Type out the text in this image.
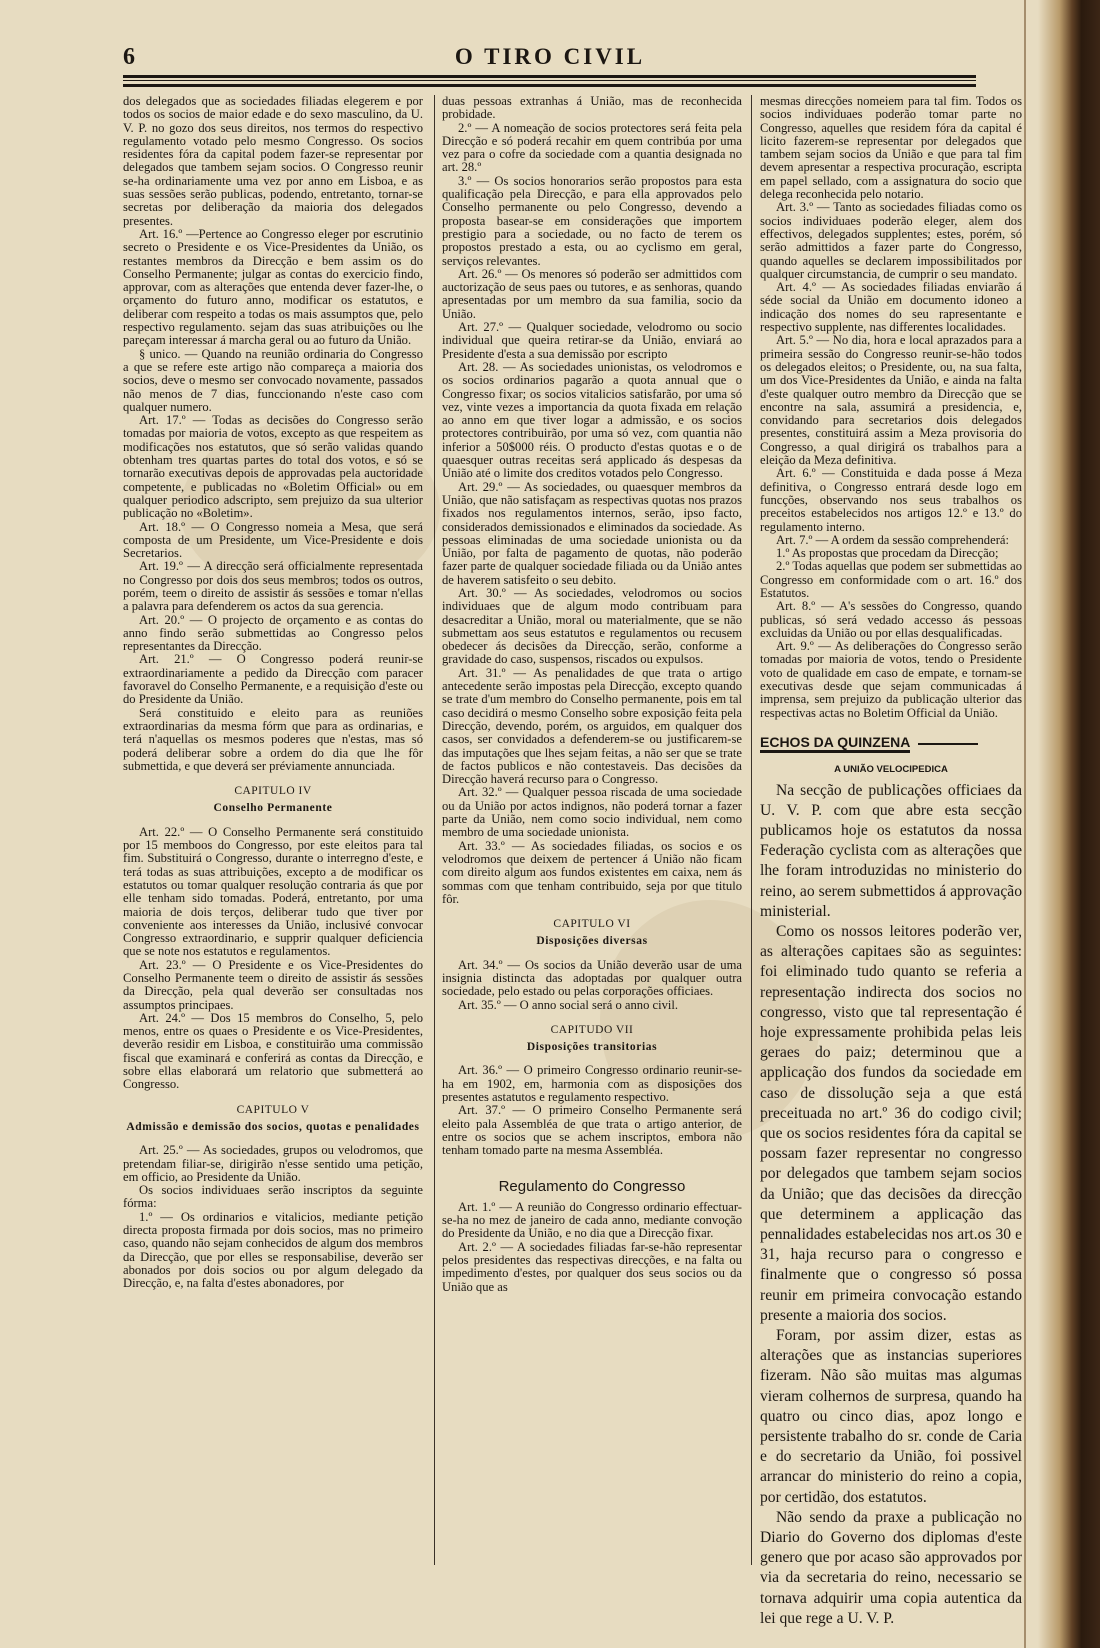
6	O TIRO CIVIL

dos delegados que as sociedades filiadas elegerem e por todos os socios de maior edade e do sexo masculino, da U. V. P. no gozo dos seus direitos, nos termos do respectivo regulamento votado pelo mesmo Congresso. Os socios residentes fóra da capital podem fazer-se representar por delegados que tambem sejam socios. O Congresso reunir se-ha ordinariamente uma vez por anno em Lisboa, e as suas sessões serão publicas, podendo, entretanto, tornar-se secretas por deliberação da maioria dos delegados presentes.

Art. 16.º —Pertence ao Congresso eleger por escrutinio secreto o Presidente e os Vice-Presidentes da União, os restantes membros da Direcção e bem assim os do Conselho Permanente; julgar as contas do exercicio findo, approvar, com as alterações que entenda dever fazer-lhe, o orçamento do futuro anno, modificar os estatutos, e deliberar com respeito a todas os mais assumptos que, pelo respectivo regulamento. sejam das suas atribuições ou lhe pareçam interessar á marcha geral ou ao futuro da União.

§ unico. — Quando na reunião ordinaria do Congresso a que se refere este artigo não compareça a maioria dos socios, deve o mesmo ser convocado novamente, passados não menos de 7 dias, funccionando n'este caso com qualquer numero.

Art. 17.º — Todas as decisões do Congresso serão tomadas por maioria de votos, excepto as que respeitem as modificações nos estatutos, que só serão validas quando obtenham tres quartas partes do total dos votos, e só se tornarão executivas depois de approvadas pela auctoridade competente, e publicadas no «Boletim Official» ou em qualquer periodico adscripto, sem prejuizo da sua ulterior publicação no «Boletim».

Art. 18.º — O Congresso nomeia a Mesa, que será composta de um Presidente, um Vice-Presidente e dois Secretarios.

Art. 19.º — A direcção será officialmente representada no Congresso por dois dos seus membros; todos os outros, porém, teem o direito de assistir ás sessões e tomar n'ellas a palavra para defenderem os actos da sua gerencia.

Art. 20.º — O projecto de orçamento e as contas do anno findo serão submettidas ao Congresso pelos representantes da Direcção.

Art. 21.º — O Congresso poderá reunir-se extraordinariamente a pedido da Direcção com paracer favoravel do Conselho Permanente, e a requisição d'este ou do Presidente da União.

Será constituido e eleito para as reuniões extraordinarias da mesma fórm que para as ordinarias, e terá n'aquellas os mesmos poderes que n'estas, mas só poderá deliberar sobre a ordem do dia que lhe fôr submettida, e que deverá ser préviamente annunciada.

CAPITULO IV
Conselho Permanente

Art. 22.º — O Conselho Permanente será constituido por 15 memboos do Congresso, por este eleitos para tal fim. Substituirá o Congresso, durante o interregno d'este, e terá todas as suas attribuições, excepto a de modificar os estatutos ou tomar qualquer resolução contraria ás que por elle tenham sido tomadas. Poderá, entretanto, por uma maioria de dois terços, deliberar tudo que tiver por conveniente aos interesses da União, inclusivé convocar Congresso extraordinario, e supprir qualquer deficiencia que se note nos estatutos e regulamentos.

Art. 23.º — O Presidente e os Vice-Presidentes do Conselho Permanente teem o direito de assistir ás sessões da Direcção, pela qual deverão ser consultadas nos assumptos principaes.

Art. 24.º — Dos 15 membros do Conselho, 5, pelo menos, entre os quaes o Presidente e os Vice-Presidentes, deverão residir em Lisboa, e constituirão uma commissão fiscal que examinará e conferirá as contas da Direcção, e sobre ellas elaborará um relatorio que submetterá ao Congresso.

CAPITULO V
Admissão e demissão dos socios, quotas e penalidades

Art. 25.º — As sociedades, grupos ou velodromos, que pretendam filiar-se, dirigirão n'esse sentido uma petição, em officio, ao Presidente da União.

Os socios individuaes serão inscriptos da seguinte fórma:

1.º — Os ordinarios e vitalicios, mediante petição directa proposta firmada por dois socios, mas no primeiro caso, quando não sejam conhecidos de algum dos membros da Direcção, que por elles se responsabilise, deverão ser abonados por dois socios ou por algum delegado da Direcção, e, na falta d'estes abonadores, por

duas pessoas extranhas á União, mas de reconhecida probidade.

2.º — A nomeação de socios protectores será feita pela Direcção e só poderá recahir em quem contribúa por uma vez para o cofre da sociedade com a quantia designada no art. 28.º

3.º — Os socios honorarios serão propostos para esta qualificação pela Direcção, e para ella approvados pelo Conselho permanente ou pelo Congresso, devendo a proposta basear-se em considerações que importem prestigio para a sociedade, ou no facto de terem os propostos prestado a esta, ou ao cyclismo em geral, serviços relevantes.

Art. 26.º — Os menores só poderão ser admittidos com auctorização de seus paes ou tutores, e as senhoras, quando apresentadas por um membro da sua familia, socio da União.

Art. 27.º — Qualquer sociedade, velodromo ou socio individual que queira retirar-se da União, enviará ao Presidente d'esta a sua demissão por escripto

Art. 28. — As sociedades unionistas, os velodromos e os socios ordinarios pagarão a quota annual que o Congresso fixar; os socios vitalicios satisfarão, por uma só vez, vinte vezes a importancia da quota fixada em relação ao anno em que tiver logar a admissão, e os socios protectores contribuirão, por uma só vez, com quantia não inferior a 50$000 réis. O producto d'estas quotas e o de quaesquer outras receitas será applicado ás despesas da União até o limite dos creditos votados pelo Congresso.

Art. 29.º — As sociedades, ou quaesquer membros da União, que não satisfaçam as respectivas quotas nos prazos fixados nos regulamentos internos, serão, ipso facto, considerados demissionados e eliminados da sociedade. As pessoas eliminadas de uma sociedade unionista ou da União, por falta de pagamento de quotas, não poderão fazer parte de qualquer sociedade filiada ou da União antes de haverem satisfeito o seu debito.

Art. 30.º — As sociedades, velodromos ou socios individuaes que de algum modo contribuam para desacreditar a União, moral ou materialmente, que se não submettam aos seus estatutos e regulamentos ou recusem obedecer ás decisões da Direcção, serão, conforme a gravidade do caso, suspensos, riscados ou expulsos.

Art. 31.º — As penalidades de que trata o artigo antecedente serão impostas pela Direcção, excepto quando se trate d'um membro do Conselho permanente, pois em tal caso decidirá o mesmo Conselho sobre exposição feita pela Direcção, devendo, porém, os arguidos, em qualquer dos casos, ser convidados a defenderem-se ou justificarem-se das imputações que lhes sejam feitas, a não ser que se trate de factos publicos e não contestaveis. Das decisões da Direcção haverá recurso para o Congresso.

Art. 32.º — Qualquer pessoa riscada de uma sociedade ou da União por actos indignos, não poderá tornar a fazer parte da União, nem como socio individual, nem como membro de uma sociedade unionista.

Art. 33.º — As sociedades filiadas, os socios e os velodromos que deixem de pertencer á União não ficam com direito algum aos fundos existentes em caixa, nem ás sommas com que tenham contribuido, seja por que titulo fôr.

CAPITULO VI
Disposições diversas

Art. 34.º — Os socios da União deverão usar de uma insignia distincta das adoptadas por qualquer outra sociedade, pelo estado ou pelas corporações officiaes.

Art. 35.º — O anno social será o anno civil.

CAPITUDO VII
Disposições transitorias

Art. 36.º — O primeiro Congresso ordinario reunir-se-ha em 1902, em, harmonia com as disposições dos presentes astatutos e regulamento respectivo.

Art. 37.º — O primeiro Conselho Permanente será eleito pala Assembléa de que trata o artigo anterior, de entre os socios que se achem inscriptos, embora não tenham tomado parte na mesma Assembléa.

Regulamento do Congresso

Art. 1.º — A reunião do Congresso ordinario effectuar-se-ha no mez de janeiro de cada anno, mediante convoção do Presidente da União, e no dia que a Direcção fixar.

Art. 2.º — A sociedades filiadas far-se-hão representar pelos presidentes das respectivas direcções, e na falta ou impedimento d'estes, por qualquer dos seus socios ou da União que as

mesmas direcções nomeiem para tal fim. Todos os socios individuaes poderão tomar parte no Congresso, aquelles que residem fóra da capital é licito fazerem-se representar por delegados que tambem sejam socios da União e que para tal fim devem apresentar a respectiva procuração, escripta em papel sellado, com a assignatura do socio que delega reconhecida pelo notario.

Art. 3.º — Tanto as sociedades filiadas como os socios individuaes poderão eleger, alem dos effectivos, delegados supplentes; estes, porém, só serão admittidos a fazer parte do Congresso, quando aquelles se declarem impossibilitados por qualquer circumstancia, de cumprir o seu mandato.

Art. 4.º — As sociedades filiadas enviarão á séde social da União em documento idoneo a indicação dos nomes do seu rapresentante e respectivo supplente, nas differentes localidades.

Art. 5.º — No dia, hora e local aprazados para a primeira sessão do Congresso reunir-se-hão todos os delegados eleitos; o Presidente, ou, na sua falta, um dos Vice-Presidentes da União, e ainda na falta d'este qualquer outro membro da Direcção que se encontre na sala, assumirá a presidencia, e, convidando para secretarios dois delegados presentes, constituirá assim a Meza provisoria do Congresso, a qual dirigirá os trabalhos para a eleição da Meza definitiva.

Art. 6.º — Constituida e dada posse á Meza definitiva, o Congresso entrará desde logo em funcções, observando nos seus trabalhos os preceitos estabelecidos nos artigos 12.º e 13.º do regulamento interno.

Art. 7.º — A ordem da sessão comprehenderá:

1.º As propostas que procedam da Direcção;

2.º Todas aquellas que podem ser submettidas ao Congresso em conformidade com o art. 16.º dos Estatutos.

Art. 8.º — A's sessões do Congresso, quando publicas, só será vedado accesso ás pessoas excluidas da União ou por ellas desqualificadas.

Art. 9.º — As deliberações do Congresso serão tomadas por maioria de votos, tendo o Presidente voto de qualidade em caso de empate, e tornam-se executivas desde que sejam communicadas á imprensa, sem prejuizo da publicação ulterior das respectivas actas no Boletim Official da União.

ECHOS DA QUINZENA
A UNIÃO VELOCIPEDICA

Na secção de publicações officiaes da U. V. P. com que abre esta secção publicamos hoje os estatutos da nossa Federação cyclista com as alterações que lhe foram introduzidas no ministerio do reino, ao serem submettidos á approvação ministerial.

Como os nossos leitores poderão ver, as alterações capitaes são as seguintes: foi eliminado tudo quanto se referia a representação indirecta dos socios no congresso, visto que tal representação é hoje expressamente prohibida pelas leis geraes do paiz; determinou que a applicação dos fundos da sociedade em caso de dissolução seja a que está preceituada no art.º 36 do codigo civil; que os socios residentes fóra da capital se possam fazer representar no congresso por delegados que tambem sejam socios da União; que das decisões da direcção que determinem a applicação das pennalidades estabelecidas nos art.os 30 e 31, haja recurso para o congresso e finalmente que o congresso só possa reunir em primeira convocação estando presente a maioria dos socios.

Foram, por assim dizer, estas as alterações que as instancias superiores fizeram. Não são muitas mas algumas vieram colhernos de surpresa, quando ha quatro ou cinco dias, apoz longo e persistente trabalho do sr. conde de Caria e do secretario da União, foi possivel arrancar do ministerio do reino a copia, por certidão, dos estatutos.

Não sendo da praxe a publicação no Diario do Governo dos diplomas d'este genero que por acaso são approvados por via da secretaria do reino, necessario se tornava adquirir uma copia autentica da lei que rege a U. V. P.
